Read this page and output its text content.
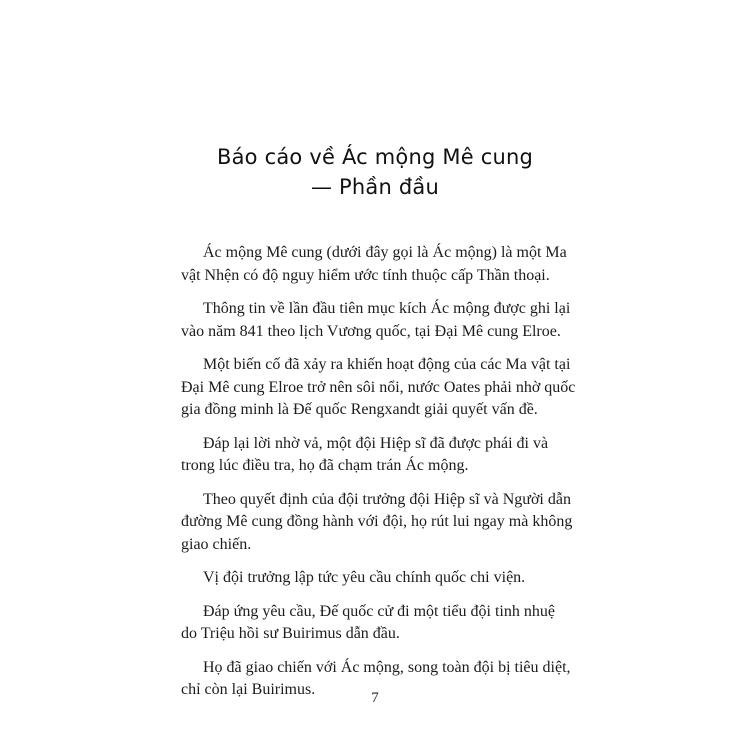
Báo cáo về Ác mộng Mê cung
— Phần đầu

Ác mộng Mê cung (dưới đây gọi là Ác mộng) là một Ma
vật Nhện có độ nguy hiểm ước tính thuộc cấp Thần thoại.

Thông tin về lần đầu tiên mục kích Ác mộng được ghi lại
vào năm 841 theo lịch Vương quốc, tại Đại Mê cung Elroe.

Một biến cố đã xảy ra khiến hoạt động của các Ma vật tại
Đại Mê cung Elroe trở nên sôi nổi, nước Oates phải nhờ quốc
gia đồng minh là Đế quốc Rengxandt giải quyết vấn đề.

Đáp lại lời nhờ vả, một đội Hiệp sĩ đã được phái đi và
trong lúc điều tra, họ đã chạm trán Ác mộng.

Theo quyết định của đội trưởng đội Hiệp sĩ và Người dẫn
đường Mê cung đồng hành với đội, họ rút lui ngay mà không
giao chiến.

Vị đội trưởng lập tức yêu cầu chính quốc chi viện.

Đáp ứng yêu cầu, Đế quốc cử đi một tiểu đội tinh nhuệ
do Triệu hồi sư Buirimus dẫn đầu.

Họ đã giao chiến với Ác mộng, song toàn đội bị tiêu diệt,
chỉ còn lại Buirimus.	7
